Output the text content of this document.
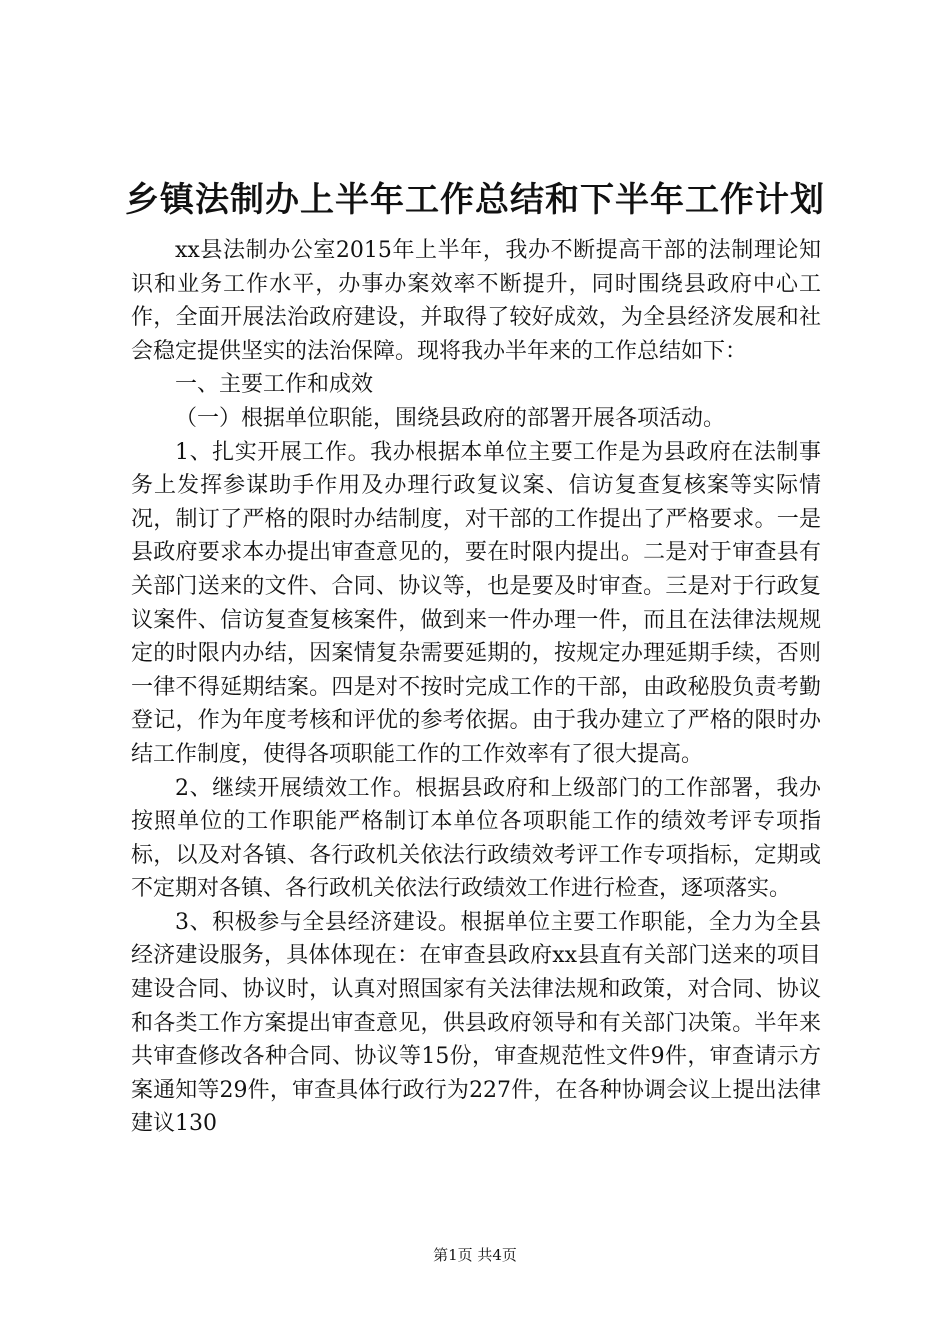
乡镇法制办上半年工作总结和下半年工作计划

xx县法制办公室2015年上半年，我办不断提高干部的法制理论知识和业务工作水平，办事办案效率不断提升，同时围绕县政府中心工作，全面开展法治政府建设，并取得了较好成效，为全县经济发展和社会稳定提供坚实的法治保障。现将我办半年来的工作总结如下：

一、主要工作和成效

（一）根据单位职能，围绕县政府的部署开展各项活动。

1、扎实开展工作。我办根据本单位主要工作是为县政府在法制事务上发挥参谋助手作用及办理行政复议案、信访复查复核案等实际情况，制订了严格的限时办结制度，对干部的工作提出了严格要求。一是县政府要求本办提出审查意见的，要在时限内提出。二是对于审查县有关部门送来的文件、合同、协议等，也是要及时审查。三是对于行政复议案件、信访复查复核案件，做到来一件办理一件，而且在法律法规规定的时限内办结，因案情复杂需要延期的，按规定办理延期手续，否则一律不得延期结案。四是对不按时完成工作的干部，由政秘股负责考勤登记，作为年度考核和评优的参考依据。由于我办建立了严格的限时办结工作制度，使得各项职能工作的工作效率有了很大提高。

2、继续开展绩效工作。根据县政府和上级部门的工作部署，我办按照单位的工作职能严格制订本单位各项职能工作的绩效考评专项指标，以及对各镇、各行政机关依法行政绩效考评工作专项指标，定期或不定期对各镇、各行政机关依法行政绩效工作进行检查，逐项落实。

3、积极参与全县经济建设。根据单位主要工作职能，全力为全县经济建设服务，具体体现在：在审查县政府xx县直有关部门送来的项目建设合同、协议时，认真对照国家有关法律法规和政策，对合同、协议和各类工作方案提出审查意见，供县政府领导和有关部门决策。半年来共审查修改各种合同、协议等15份，审查规范性文件9件，审查请示方案通知等29件，审查具体行政行为227件，在各种协调会议上提出法律建议130

第1页 共4页
